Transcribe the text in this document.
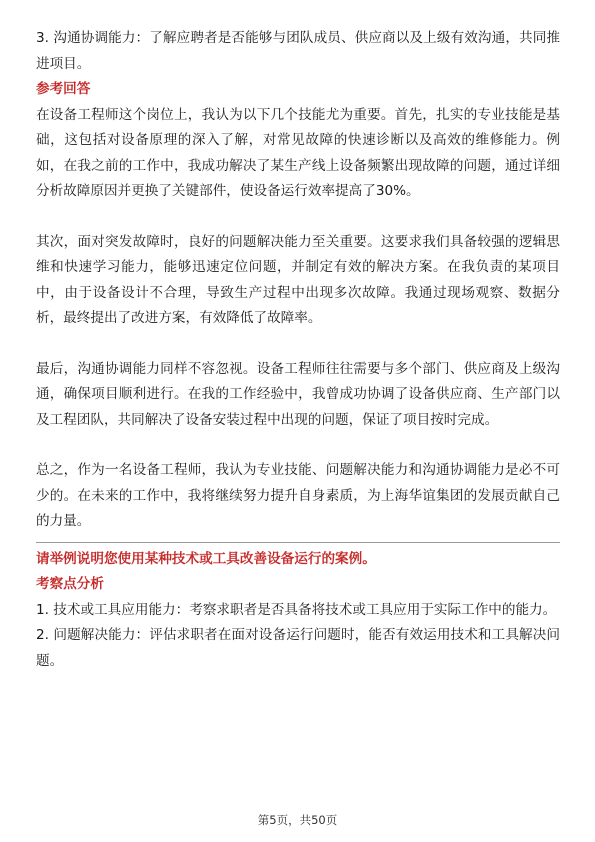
3. 沟通协调能力：了解应聘者是否能够与团队成员、供应商以及上级有效沟通，共同推进项目。

参考回答

在设备工程师这个岗位上，我认为以下几个技能尤为重要。首先，扎实的专业技能是基础，这包括对设备原理的深入了解，对常见故障的快速诊断以及高效的维修能力。例如，在我之前的工作中，我成功解决了某生产线上设备频繁出现故障的问题，通过详细分析故障原因并更换了关键部件，使设备运行效率提高了30%。

其次，面对突发故障时，良好的问题解决能力至关重要。这要求我们具备较强的逻辑思维和快速学习能力，能够迅速定位问题，并制定有效的解决方案。在我负责的某项目中，由于设备设计不合理，导致生产过程中出现多次故障。我通过现场观察、数据分析，最终提出了改进方案，有效降低了故障率。

最后，沟通协调能力同样不容忽视。设备工程师往往需要与多个部门、供应商及上级沟通，确保项目顺利进行。在我的工作经验中，我曾成功协调了设备供应商、生产部门以及工程团队，共同解决了设备安装过程中出现的问题，保证了项目按时完成。

总之，作为一名设备工程师，我认为专业技能、问题解决能力和沟通协调能力是必不可少的。在未来的工作中，我将继续努力提升自身素质，为上海华谊集团的发展贡献自己的力量。

请举例说明您使用某种技术或工具改善设备运行的案例。
考察点分析

1. 技术或工具应用能力：考察求职者是否具备将技术或工具应用于实际工作中的能力。

2. 问题解决能力：评估求职者在面对设备运行问题时，能否有效运用技术和工具解决问题。

第5页，共50页
